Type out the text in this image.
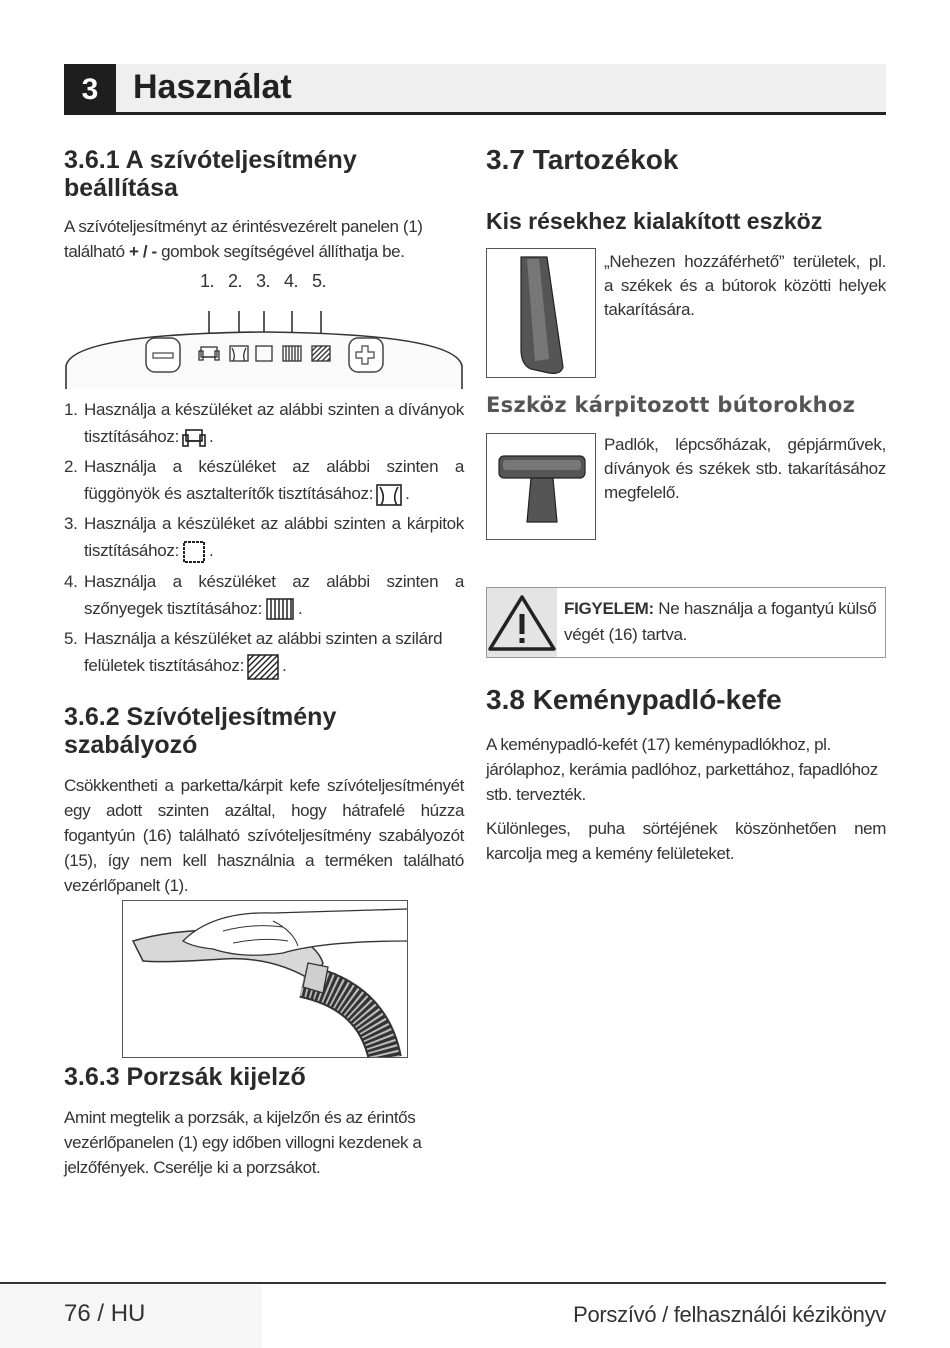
3	Használat
3.6.1 A szívóteljesítmény beállítása

A szívóteljesítményt az érintésvezérelt panelen (1) található + / - gombok segítségével állíthatja be.

1. 2. 3. 4. 5.
1. Használja a készüléket az alábbi szinten a díványok tisztításához: .
2. Használja a készüléket az alábbi szinten a függönyök és asztalterítők tisztításához: .
3. Használja a készüléket az alábbi szinten a kárpitok tisztításához: .
4. Használja a készüléket az alábbi szinten a szőnyegek tisztításához: .
5. Használja a készüléket az alábbi szinten a szilárd felületek tisztításához: .
3.6.2 Szívóteljesítmény szabályozó

Csökkentheti a parketta/kárpit kefe szívóteljesítményét egy adott szinten azáltal, hogy hátrafelé húzza fogantyún (16) található szívóteljesítmény szabályozót (15), így nem kell használnia a terméken található vezérlőpanelt (1).

3.6.3 Porzsák kijelző

Amint megtelik a porzsák, a kijelzőn és az érintős vezérlőpanelen (1) egy időben villogni kezdenek a jelzőfények. Cserélje ki a porzsákot.

3.7 Tartozékok
Kis résekhez kialakított eszköz

„Nehezen hozzáférhető” területek, pl. a székek és a bútorok közötti helyek takarítására.

Eszköz kárpitozott bútorokhoz

Padlók, lépcsőházak, gépjárművek, díványok és székek stb. takarításához megfelelő.

FIGYELEM: Ne használja a fogantyú külső végét (16) tartva.
3.8 Keménypadló-kefe

A keménypadló-kefét (17) keménypadlókhoz, pl. járólaphoz, kerámia padlóhoz, parkettához, fapadlóhoz stb. tervezték.

Különleges, puha sörtéjének köszönhetően nem karcolja meg a kemény felületeket.

76 / HU	Porszívó / felhasználói kézikönyv
